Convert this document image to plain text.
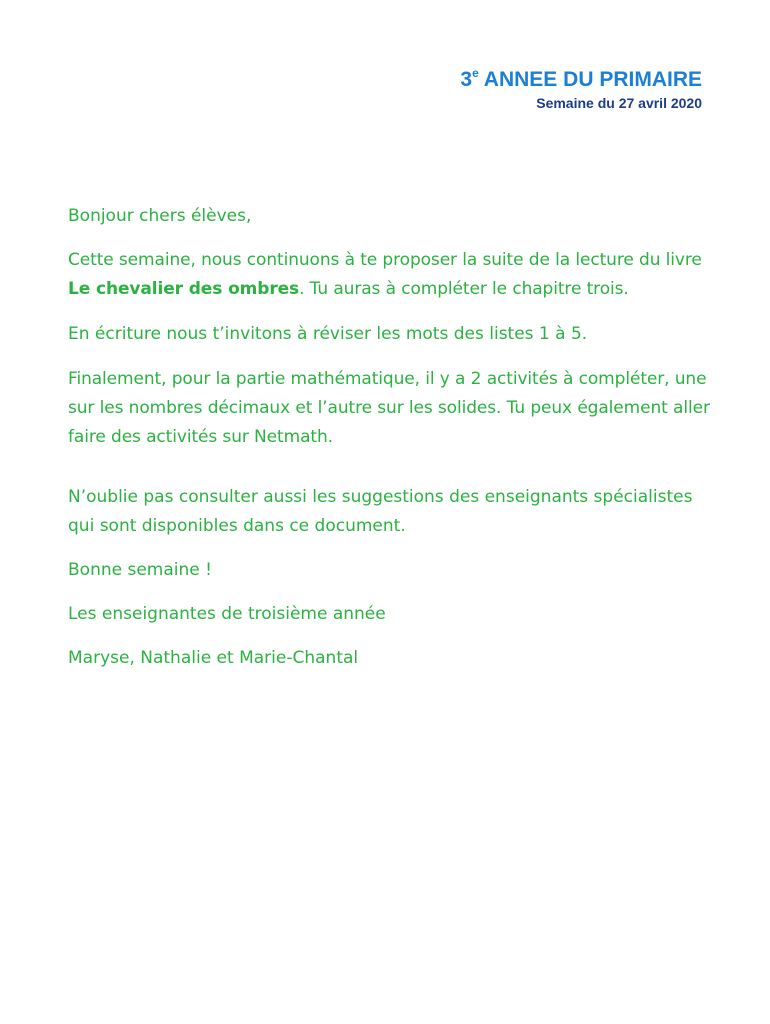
3e ANNEE DU PRIMAIRE
Semaine du 27 avril 2020

Bonjour chers élèves,

Cette semaine, nous continuons à te proposer la suite de la lecture du livre Le chevalier des ombres. Tu auras à compléter le chapitre trois.

En écriture nous t’invitons à réviser les mots des listes 1 à 5.

Finalement, pour la partie mathématique, il y a 2 activités à compléter, une sur les nombres décimaux et l’autre sur les solides. Tu peux également aller faire des activités sur Netmath.

N’oublie pas consulter aussi les suggestions des enseignants spécialistes qui sont disponibles dans ce document.

Bonne semaine !

Les enseignantes de troisième année

Maryse, Nathalie et Marie-Chantal
